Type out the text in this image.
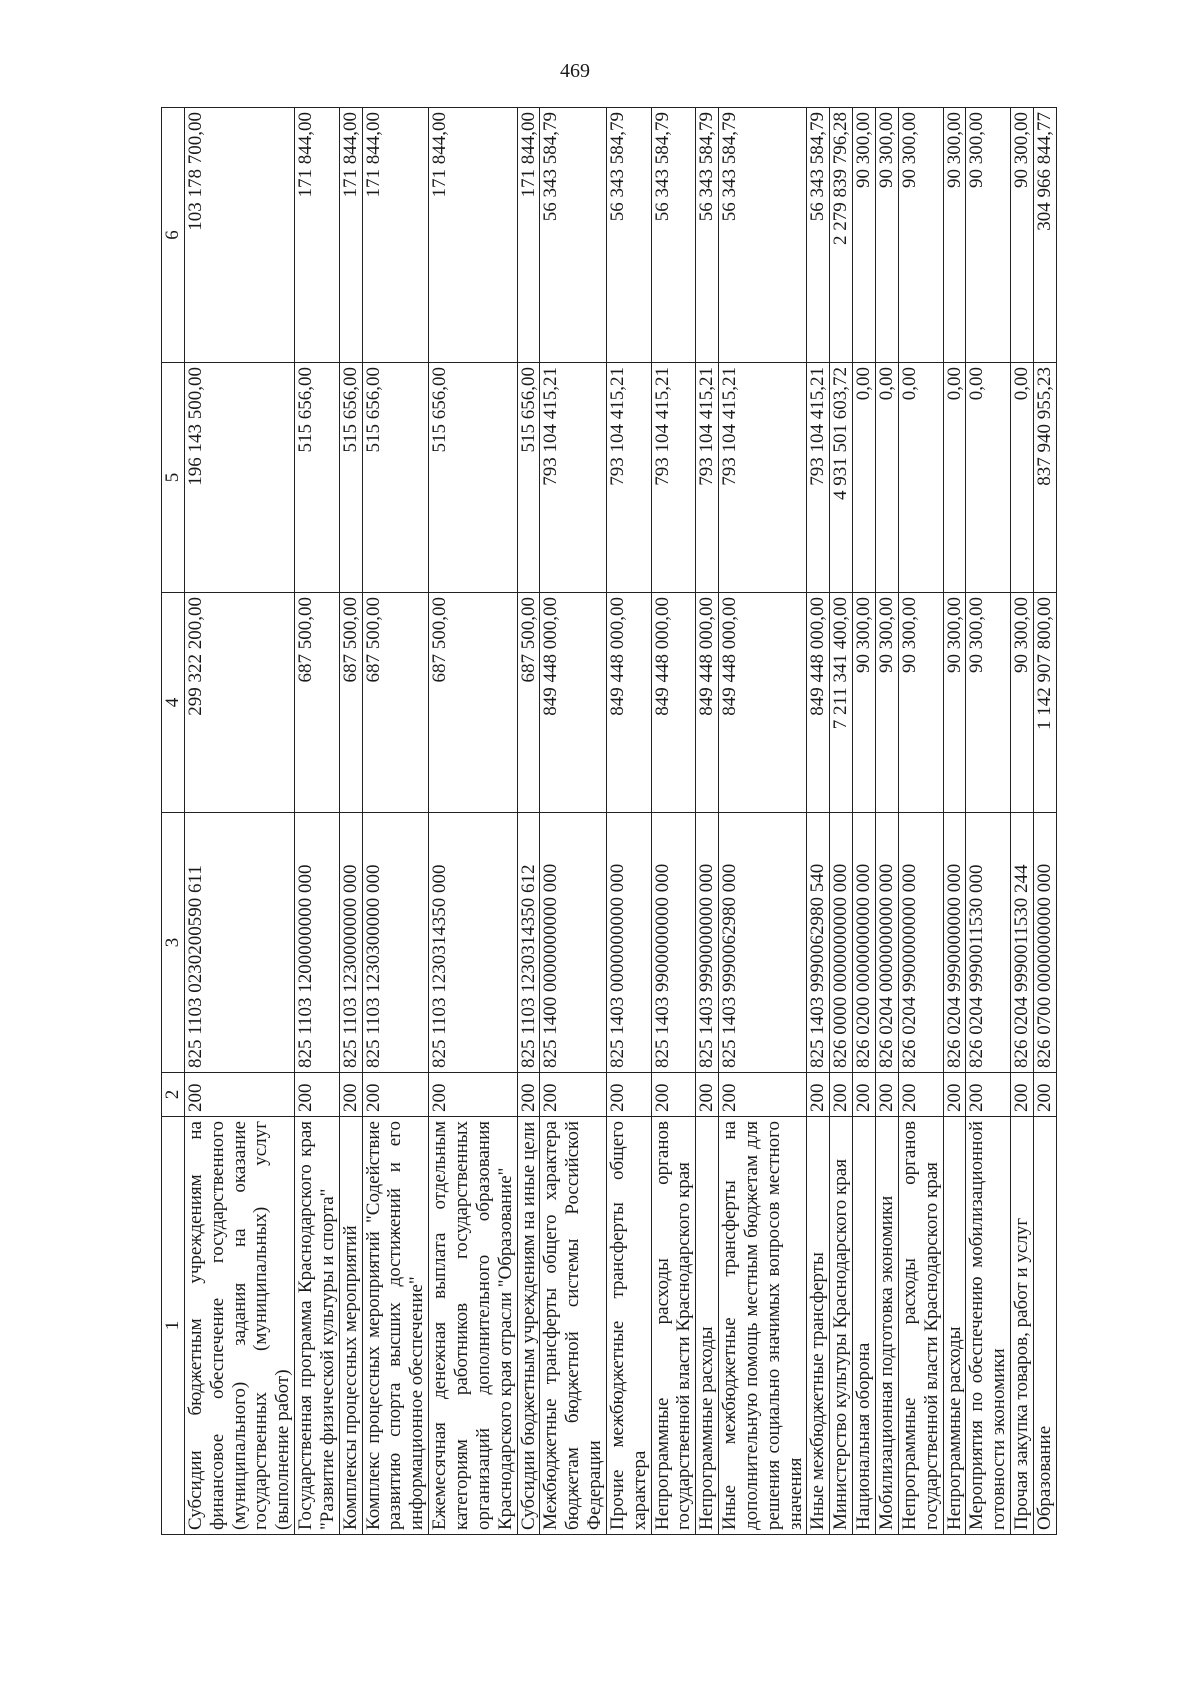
469
1	2	3	4	5	6
Субсидии бюджетным учреждениям на финансовое обеспечение государственного (муниципального) задания на оказание государственных (муниципальных) услуг (выполнение работ)	200	825 1103 0230200590 611	299 322 200,00	196 143 500,00	103 178 700,00
Государственная программа Краснодарского края "Развитие физической культуры и спорта"	200	825 1103 1200000000 000	687 500,00	515 656,00	171 844,00
Комплексы процессных мероприятий	200	825 1103 1230000000 000	687 500,00	515 656,00	171 844,00
Комплекс процессных мероприятий "Содействие развитию спорта высших достижений и его информационное обеспечение"	200	825 1103 1230300000 000	687 500,00	515 656,00	171 844,00
Ежемесячная денежная выплата отдельным категориям работников государственных организаций дополнительного образования Краснодарского края отрасли "Образование"	200	825 1103 1230314350 000	687 500,00	515 656,00	171 844,00
Субсидии бюджетным учреждениям на иные цели	200	825 1103 1230314350 612	687 500,00	515 656,00	171 844,00
Межбюджетные трансферты общего характера бюджетам бюджетной системы Российской Федерации	200	825 1400 0000000000 000	849 448 000,00	793 104 415,21	56 343 584,79
Прочие межбюджетные трансферты общего характера	200	825 1403 0000000000 000	849 448 000,00	793 104 415,21	56 343 584,79
Непрограммные расходы органов государственной власти Краснодарского края	200	825 1403 9900000000 000	849 448 000,00	793 104 415,21	56 343 584,79
Непрограммные расходы	200	825 1403 9990000000 000	849 448 000,00	793 104 415,21	56 343 584,79
Иные межбюджетные трансферты на дополнительную помощь местным бюджетам для решения социально значимых вопросов местного значения	200	825 1403 9990062980 000	849 448 000,00	793 104 415,21	56 343 584,79
Иные межбюджетные трансферты	200	825 1403 9990062980 540	849 448 000,00	793 104 415,21	56 343 584,79
Министерство культуры Краснодарского края	200	826 0000 0000000000 000	7 211 341 400,00	4 931 501 603,72	2 279 839 796,28
Национальная оборона	200	826 0200 0000000000 000	90 300,00	0,00	90 300,00
Мобилизационная подготовка экономики	200	826 0204 0000000000 000	90 300,00	0,00	90 300,00
Непрограммные расходы органов государственной власти Краснодарского края	200	826 0204 9900000000 000	90 300,00	0,00	90 300,00
Непрограммные расходы	200	826 0204 9990000000 000	90 300,00	0,00	90 300,00
Мероприятия по обеспечению мобилизационной готовности экономики	200	826 0204 9990011530 000	90 300,00	0,00	90 300,00
Прочая закупка товаров, работ и услуг	200	826 0204 9990011530 244	90 300,00	0,00	90 300,00
Образование	200	826 0700 0000000000 000	1 142 907 800,00	837 940 955,23	304 966 844,77
